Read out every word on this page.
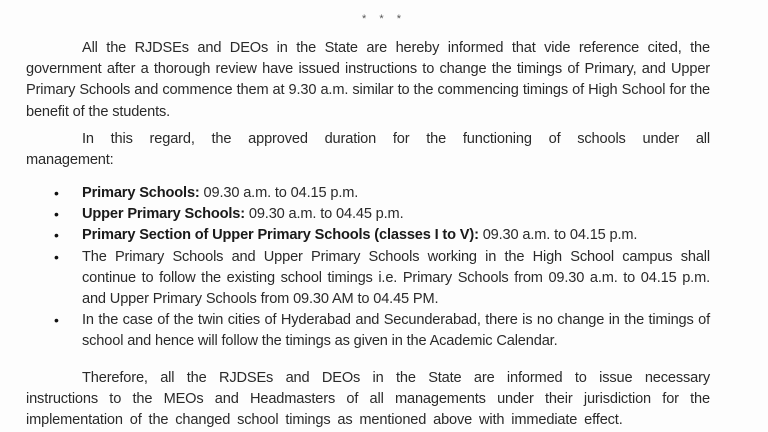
* * *

All the RJDSEs and DEOs in the State are hereby informed that vide reference cited, the government after a thorough review have issued instructions to change the timings of Primary, and Upper Primary Schools and commence them at 9.30 a.m. similar to the commencing timings of High School for the benefit of the students.

In this regard, the approved duration for the functioning of schools under all management:

• Primary Schools: 09.30 a.m. to 04.15 p.m.
• Upper Primary Schools: 09.30 a.m. to 04.45 p.m.
• Primary Section of Upper Primary Schools (classes I to V): 09.30 a.m. to 04.15 p.m.
• The Primary Schools and Upper Primary Schools working in the High School campus shall continue to follow the existing school timings i.e. Primary Schools from 09.30 a.m. to 04.15 p.m. and Upper Primary Schools from 09.30 AM to 04.45 PM.
• In the case of the twin cities of Hyderabad and Secunderabad, there is no change in the timings of school and hence will follow the timings as given in the Academic Calendar.

Therefore, all the RJDSEs and DEOs in the State are informed to issue necessary instructions to the MEOs and Headmasters of all managements under their jurisdiction for the implementation of the changed school timings as mentioned above with immediate effect.
